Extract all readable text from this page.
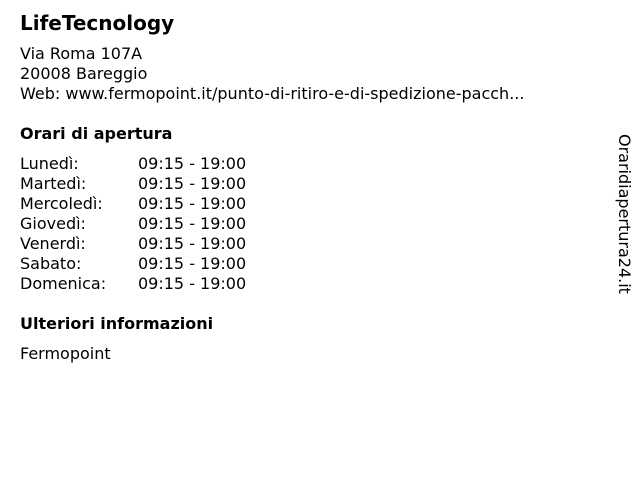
LifeTecnology
Via Roma 107A
20008 Bareggio
Web: www.fermopoint.it/punto-di-ritiro-e-di-spedizione-pacch...
Orari di apertura
Lunedì:	09:15 - 19:00
Martedì:	09:15 - 19:00
Mercoledì: 09:15 - 19:00
Giovedì:	09:15 - 19:00
Venerdì:	09:15 - 19:00
Sabato:	09:15 - 19:00
Domenica: 09:15 - 19:00
Ulteriori informazioni
Fermopoint
Oraridiapertura24.it
